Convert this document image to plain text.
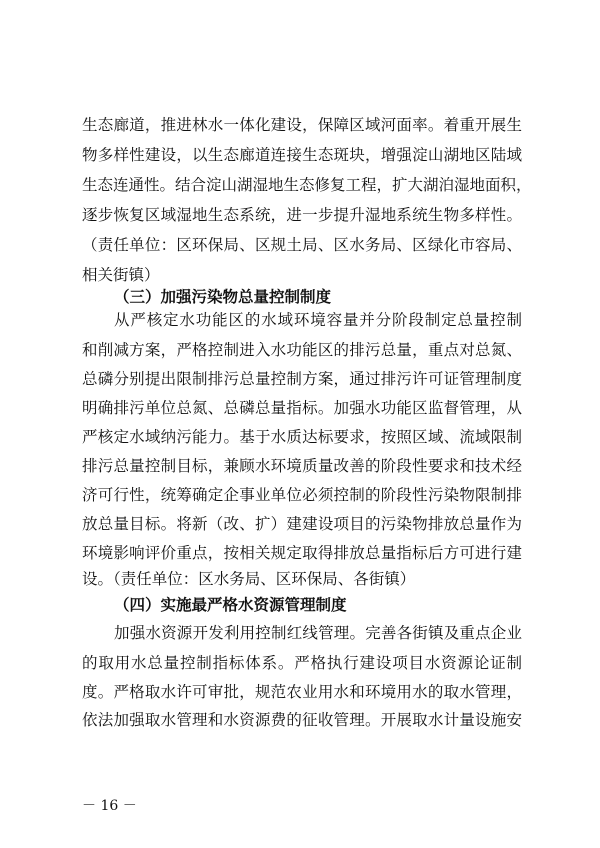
生态廊道，推进林水一体化建设，保障区域河面率。着重开展生
物多样性建设，以生态廊道连接生态斑块，增强淀山湖地区陆域
生态连通性。结合淀山湖湿地生态修复工程，扩大湖泊湿地面积，
逐步恢复区域湿地生态系统，进一步提升湿地系统生物多样性。
（责任单位：区环保局、区规土局、区水务局、区绿化市容局、
相关街镇）
（三）加强污染物总量控制制度
从严核定水功能区的水域环境容量并分阶段制定总量控制
和削减方案，严格控制进入水功能区的排污总量，重点对总氮、
总磷分别提出限制排污总量控制方案，通过排污许可证管理制度
明确排污单位总氮、总磷总量指标。加强水功能区监督管理，从
严核定水域纳污能力。基于水质达标要求，按照区域、流域限制
排污总量控制目标，兼顾水环境质量改善的阶段性要求和技术经
济可行性，统筹确定企事业单位必须控制的阶段性污染物限制排
放总量目标。将新（改、扩）建建设项目的污染物排放总量作为
环境影响评价重点，按相关规定取得排放总量指标后方可进行建
设。（责任单位：区水务局、区环保局、各街镇）
（四）实施最严格水资源管理制度
加强水资源开发利用控制红线管理。完善各街镇及重点企业
的取用水总量控制指标体系。严格执行建设项目水资源论证制
度。严格取水许可审批，规范农业用水和环境用水的取水管理，
依法加强取水管理和水资源费的征收管理。开展取水计量设施安
－ 16 －
